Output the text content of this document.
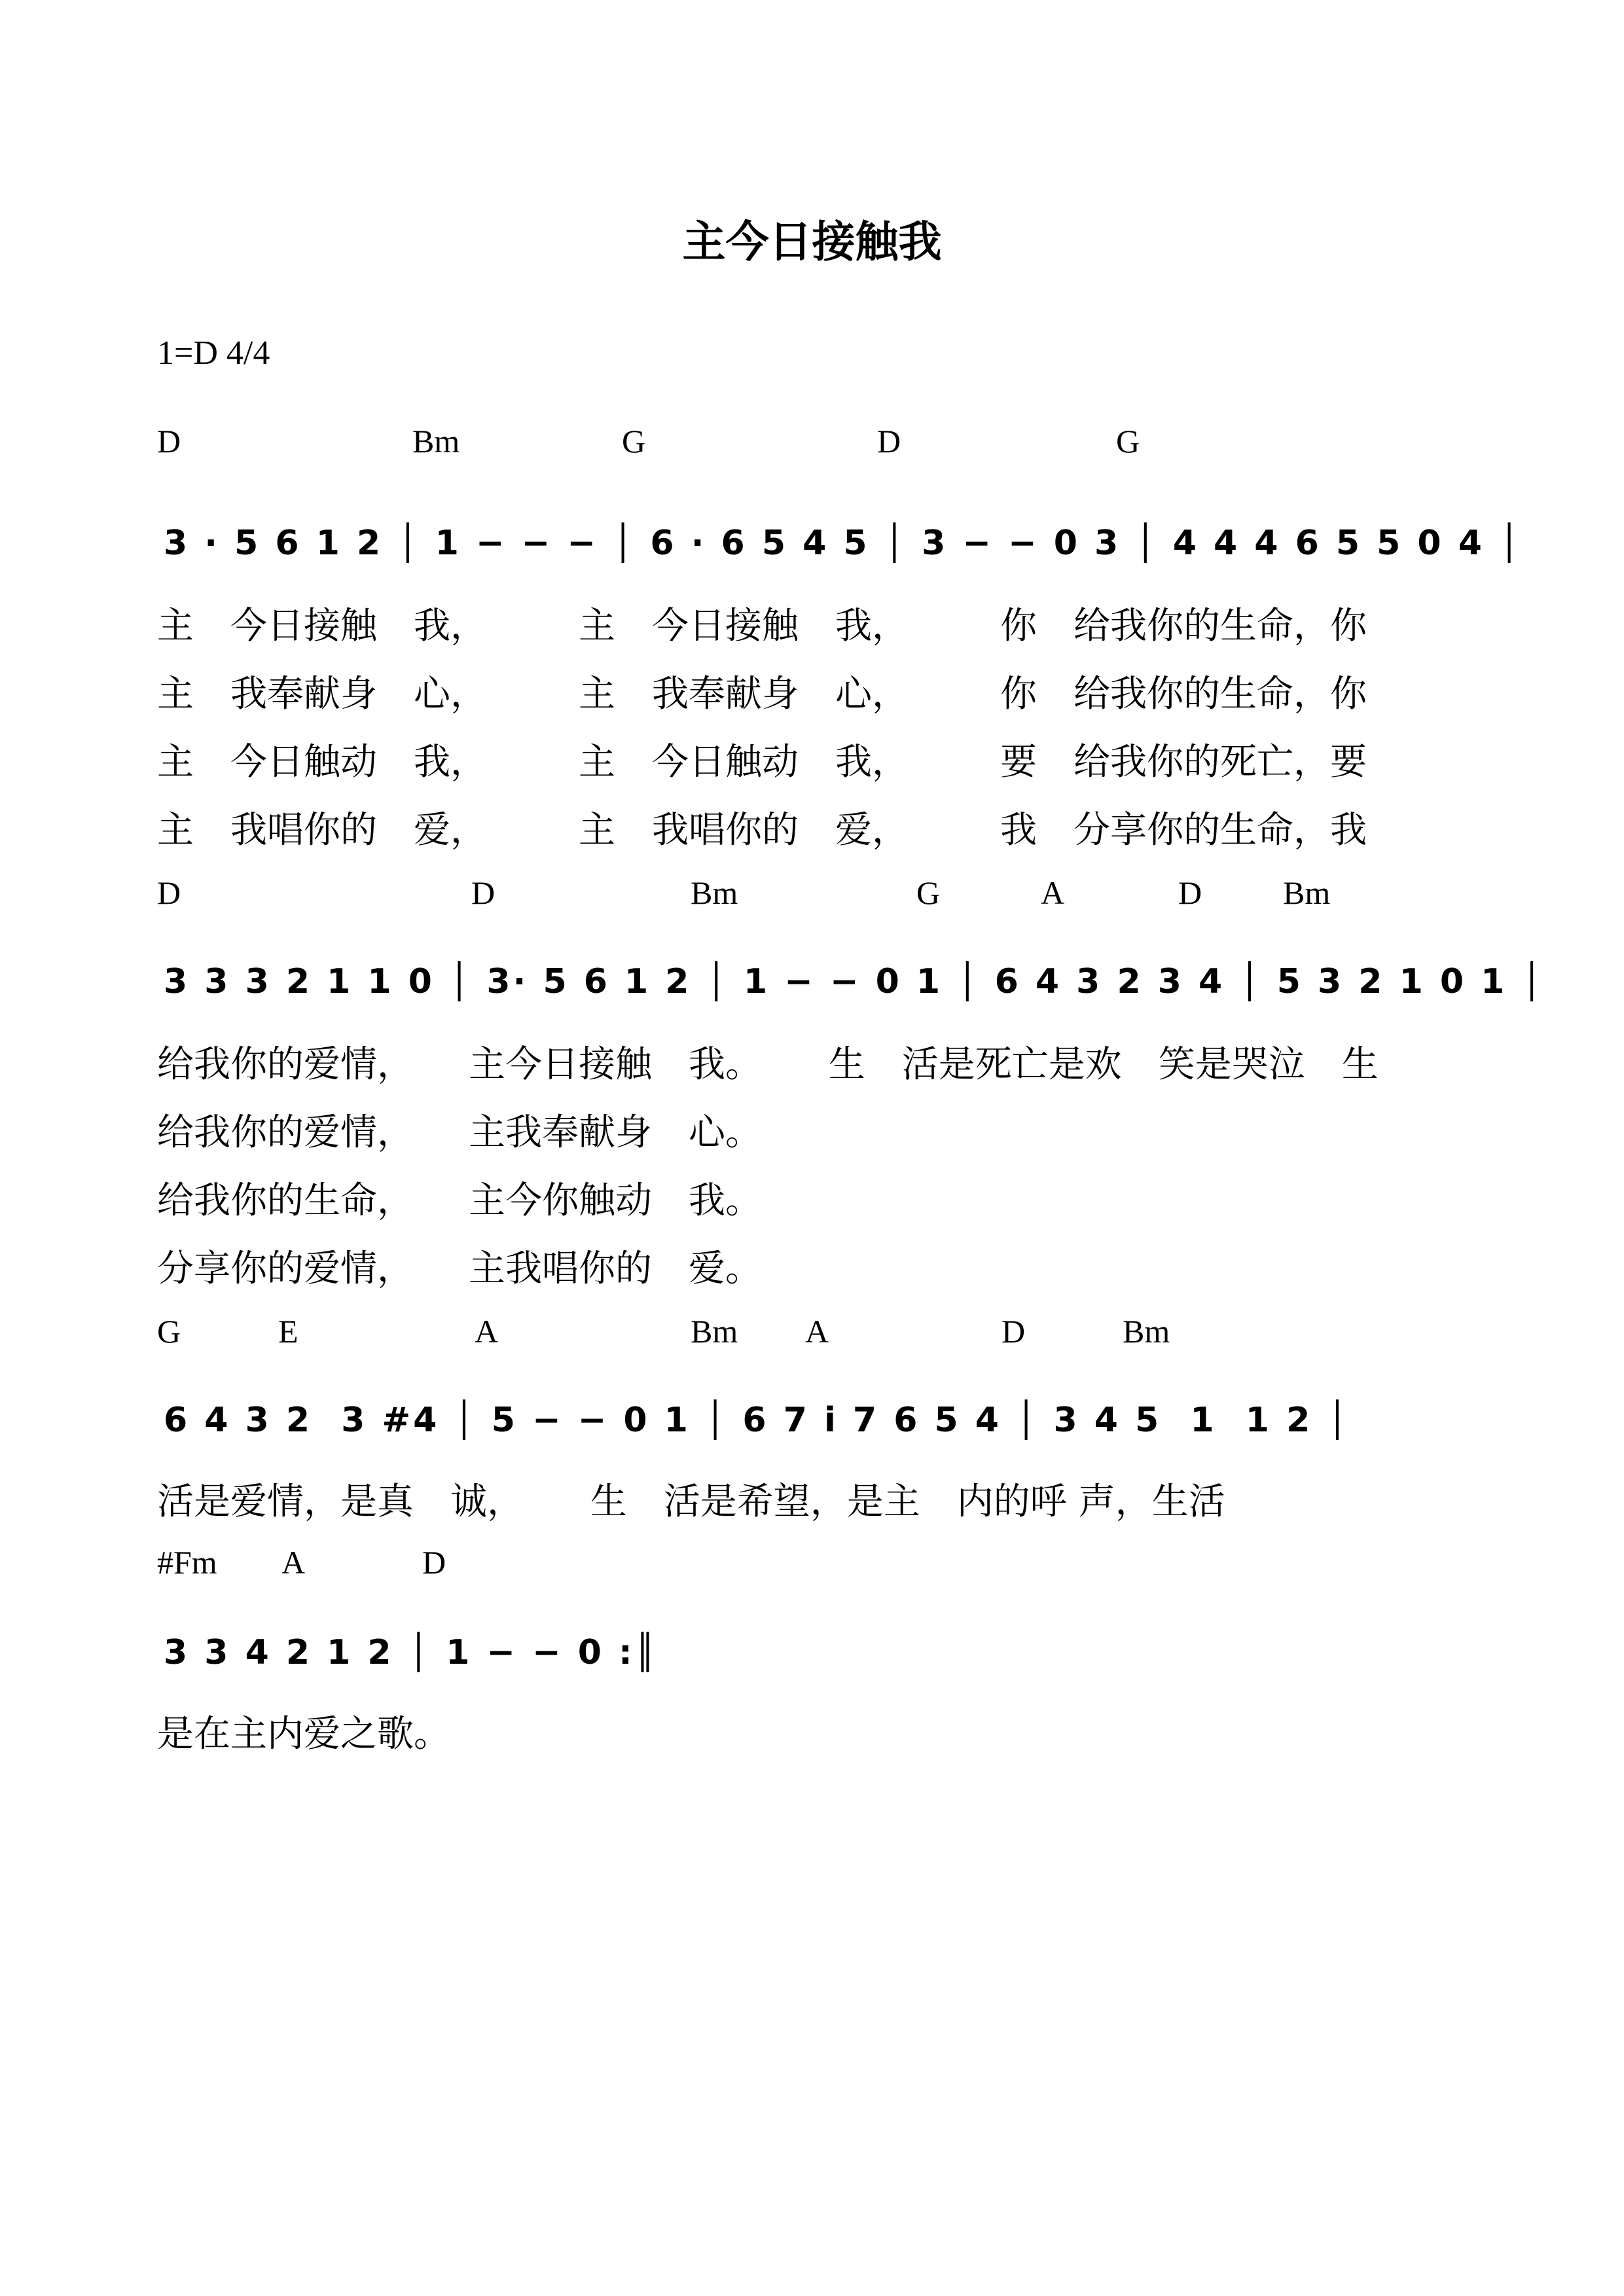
主今日接触我
1=D 4/4
D	Bm	G	D	G
3 · 5 6 1 2 │ 1 − − − │ 6 · 6 5 4 5 │ 3 − − 0 3 │ 4 4 4 6 5 5 0 4 │
主　今日接触　我，　　　主　今日接触　我，　　　你　给我你的生命，你
主　我奉献身　心，　　　主　我奉献身　心，　　　你　给我你的生命，你
主　今日触动　我，　　　主　今日触动　我，　　　要　给我你的死亡，要
主　我唱你的　爱，　　　主　我唱你的　爱，　　　我　分享你的生命，我
D	D	Bm	G	A	D Bm
3 3 3 2 1 1 0 │ 3· 5 6 1 2 │ 1 − − 0 1 │ 6 4 3 2 3 4 │ 5 3 2 1 0 1 │
给我你的爱情，　　主今日接触　我。　　 生　活是死亡是欢　笑是哭泣　生
给我你的爱情，　　主我奉献身　心。
给我你的生命，　　主今你触动　我。
分享你的爱情，　　主我唱你的　爱。
G	E	A	Bm A	D	Bm
6 4 3 2  3 #4 │ 5 − − 0 1 │ 6 7 i 7 6 5 4 │ 3 4 5  1  1 2 │
活是爱情，是真　诚，　　 生　活是希望，是主　内的呼 声，生活
#Fm A	D
3 3 4 2 1 2 │ 1 − − 0 :║
是在主内爱之歌。
